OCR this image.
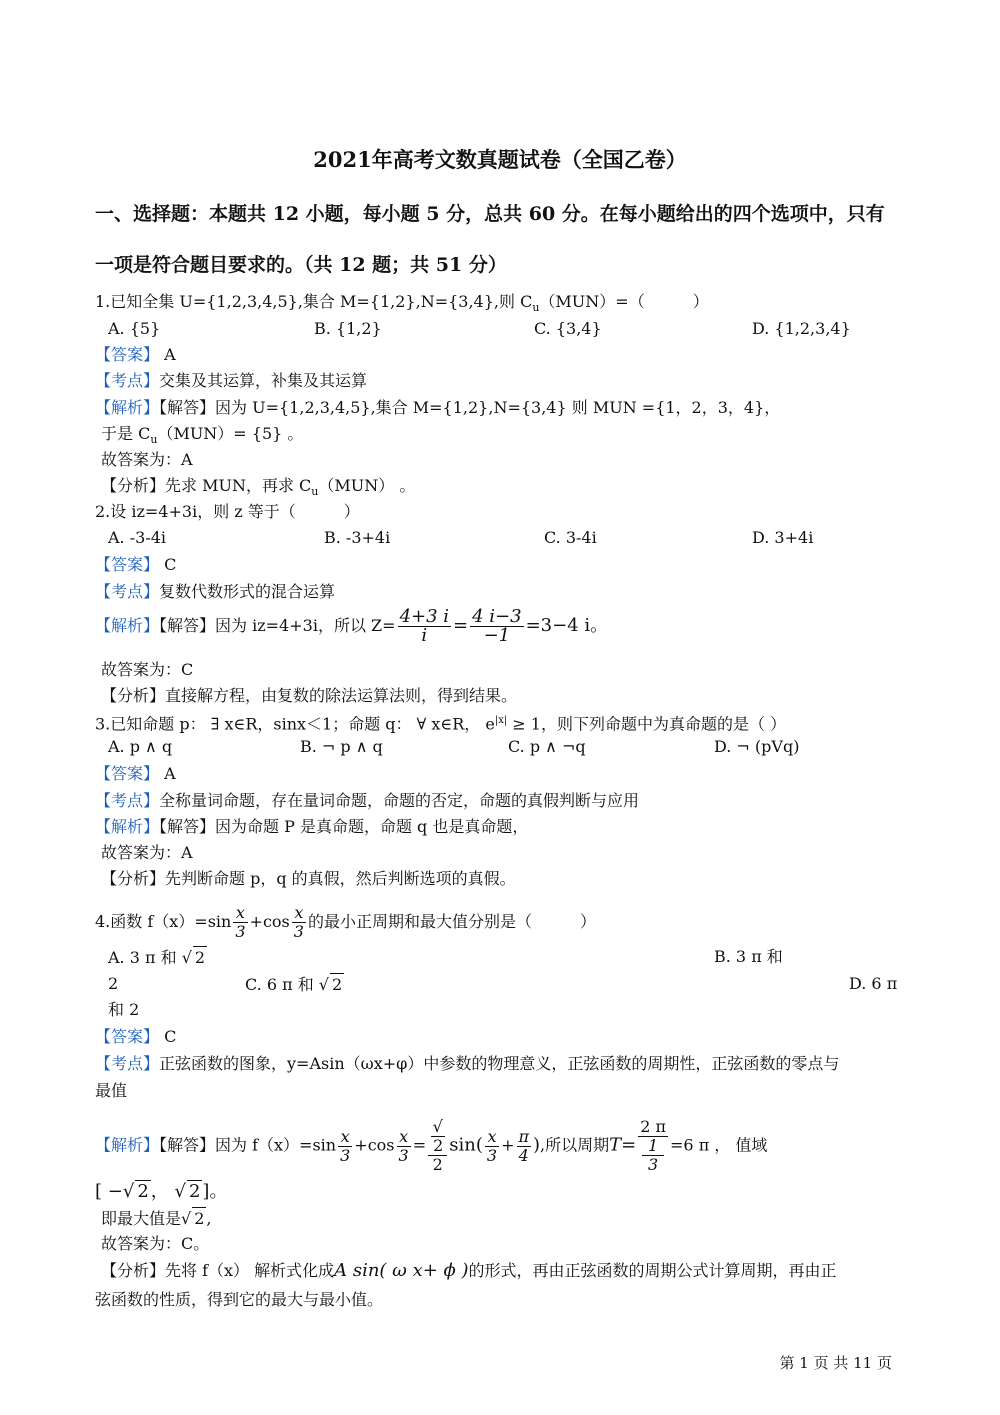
2021年高考文数真题试卷（全国乙卷）
一、选择题：本题共 12 小题，每小题 5 分，总共 60 分。在每小题给出的四个选项中，只有
一项是符合题目要求的。（共 12 题；共 51 分）
1.已知全集 U={1,2,3,4,5},集合 M={1,2},N={3,4},则 $C_u(MUN)=$（　　　）
A. {5}	B. {1,2}	C. {3,4}	D. {1,2,3,4}
【答案】 A
【考点】交集及其运算，补集及其运算
【解析】【解答】因为 U={1,2,3,4,5},集合 M={1,2},N={3,4} 则 MUN ={1，2，3，4}，
于是 $C_u(MUN)= \{5\}$ 。
故答案为：A
【分析】先求 MUN，再求 $C_u(MUN)$ 。
2.设 iz=4+3i，则 z 等于（　　　）
A. -3-4i	B. -3+4i	C. 3-4i	D. 3+4i
【答案】 C
【考点】复数代数形式的混合运算
【解析】【解答】因为 iz=4+3i，所以 $Z= \frac{4+3 i}{i} = \frac{4 i-3}{-1} =3-4$ i。
故答案为：C
【分析】直接解方程，由复数的除法运算法则，得到结果。
3.已知命题 p： ∃ x∈R，sinx＜1；命题 q： ∀ x∈R， $e^{|x|} \ge 1$，则下列命题中为真命题的是（ ）
A. p ∧ q	B. ¬ p ∧ q	C. p ∧ ¬q	D. ¬ (pVq)
【答案】 A
【考点】全称量词命题，存在量词命题，命题的否定，命题的真假判断与应用
【解析】【解答】因为命题 P 是真命题，命题 q 也是真命题，
故答案为：A
【分析】先判断命题 p，q 的真假，然后判断选项的真假。
4.函数 $f(x)=\sin \frac{x}{3} +\cos \frac{x}{3}$ 的最小正周期和最大值分别是（　　　）
A. 3 π 和 √ 2	B. 3 π 和
2	C. 6 π 和 √ 2	D. 6 π
和 2
【答案】 C
【考点】正弦函数的图象，y=Asin（ωx+φ）中参数的物理意义，正弦函数的周期性，正弦函数的零点与
最值
【解析】【解答】因为 $f(x)=\sin \frac{x}{3} +\cos \frac{x}{3}$ = √
2
2 $\sin( \frac{x}{3} + \frac{\pi}{4}$ ),所以周期T= 2 π
1
3 =6 π ， 值域
[ −√ 2 ， √ 2 ]。
即最大值是√ 2 ,
故答案为：C。
【分析】先将 f（x） 解析式化成A sin( ω x+ ϕ )的形式，再由正弦函数的周期公式计算周期，再由正
弦函数的性质，得到它的最大与最小值。
第 1 页 共 11 页
